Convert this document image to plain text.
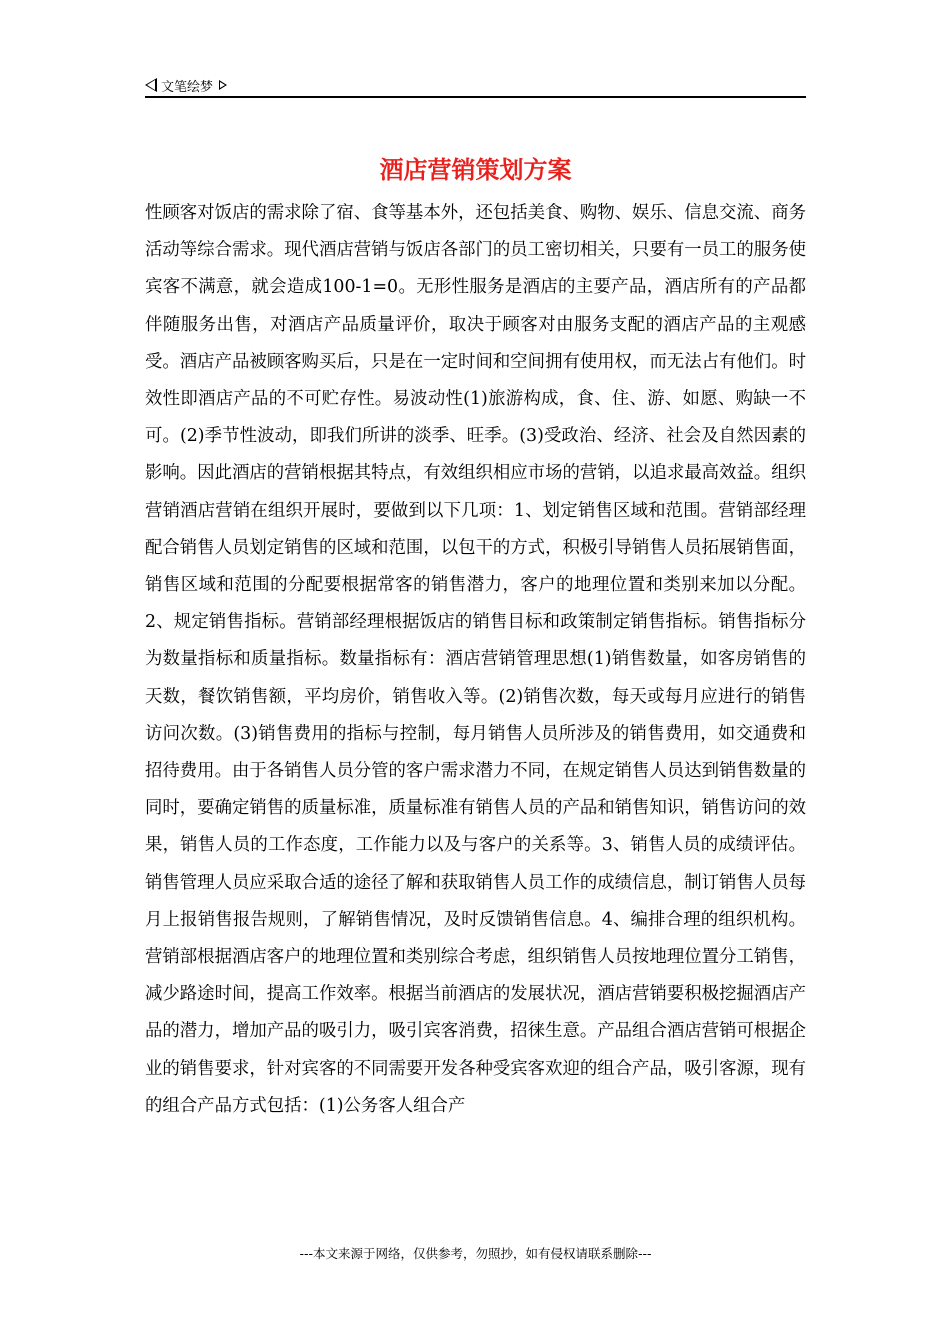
文笔绘梦
酒店营销策划方案
性顾客对饭店的需求除了宿、食等基本外，还包括美食、购物、娱乐、信息交流、商务活动等综合需求。现代酒店营销与饭店各部门的员工密切相关，只要有一员工的服务使宾客不满意，就会造成100-1=0。无形性服务是酒店的主要产品，酒店所有的产品都伴随服务出售，对酒店产品质量评价，取决于顾客对由服务支配的酒店产品的主观感受。酒店产品被顾客购买后，只是在一定时间和空间拥有使用权，而无法占有他们。时效性即酒店产品的不可贮存性。易波动性(1)旅游构成，食、住、游、如愿、购缺一不可。(2)季节性波动，即我们所讲的淡季、旺季。(3)受政治、经济、社会及自然因素的影响。因此酒店的营销根据其特点，有效组织相应市场的营销，以追求最高效益。组织营销酒店营销在组织开展时，要做到以下几项：1、划定销售区域和范围。营销部经理配合销售人员划定销售的区域和范围，以包干的方式，积极引导销售人员拓展销售面，销售区域和范围的分配要根据常客的销售潜力，客户的地理位置和类别来加以分配。2、规定销售指标。营销部经理根据饭店的销售目标和政策制定销售指标。销售指标分为数量指标和质量指标。数量指标有：酒店营销管理思想(1)销售数量，如客房销售的天数，餐饮销售额，平均房价，销售收入等。(2)销售次数，每天或每月应进行的销售访问次数。(3)销售费用的指标与控制，每月销售人员所涉及的销售费用，如交通费和招待费用。由于各销售人员分管的客户需求潜力不同，在规定销售人员达到销售数量的同时，要确定销售的质量标准，质量标准有销售人员的产品和销售知识，销售访问的效果，销售人员的工作态度，工作能力以及与客户的关系等。3、销售人员的成绩评估。销售管理人员应采取合适的途径了解和获取销售人员工作的成绩信息，制订销售人员每月上报销售报告规则，了解销售情况，及时反馈销售信息。4、编排合理的组织机构。营销部根据酒店客户的地理位置和类别综合考虑，组织销售人员按地理位置分工销售，减少路途时间，提高工作效率。根据当前酒店的发展状况，酒店营销要积极挖掘酒店产品的潜力，增加产品的吸引力，吸引宾客消费，招徕生意。产品组合酒店营销可根据企业的销售要求，针对宾客的不同需要开发各种受宾客欢迎的组合产品，吸引客源，现有的组合产品方式包括：(1)公务客人组合产
---本文来源于网络，仅供参考，勿照抄，如有侵权请联系删除---
